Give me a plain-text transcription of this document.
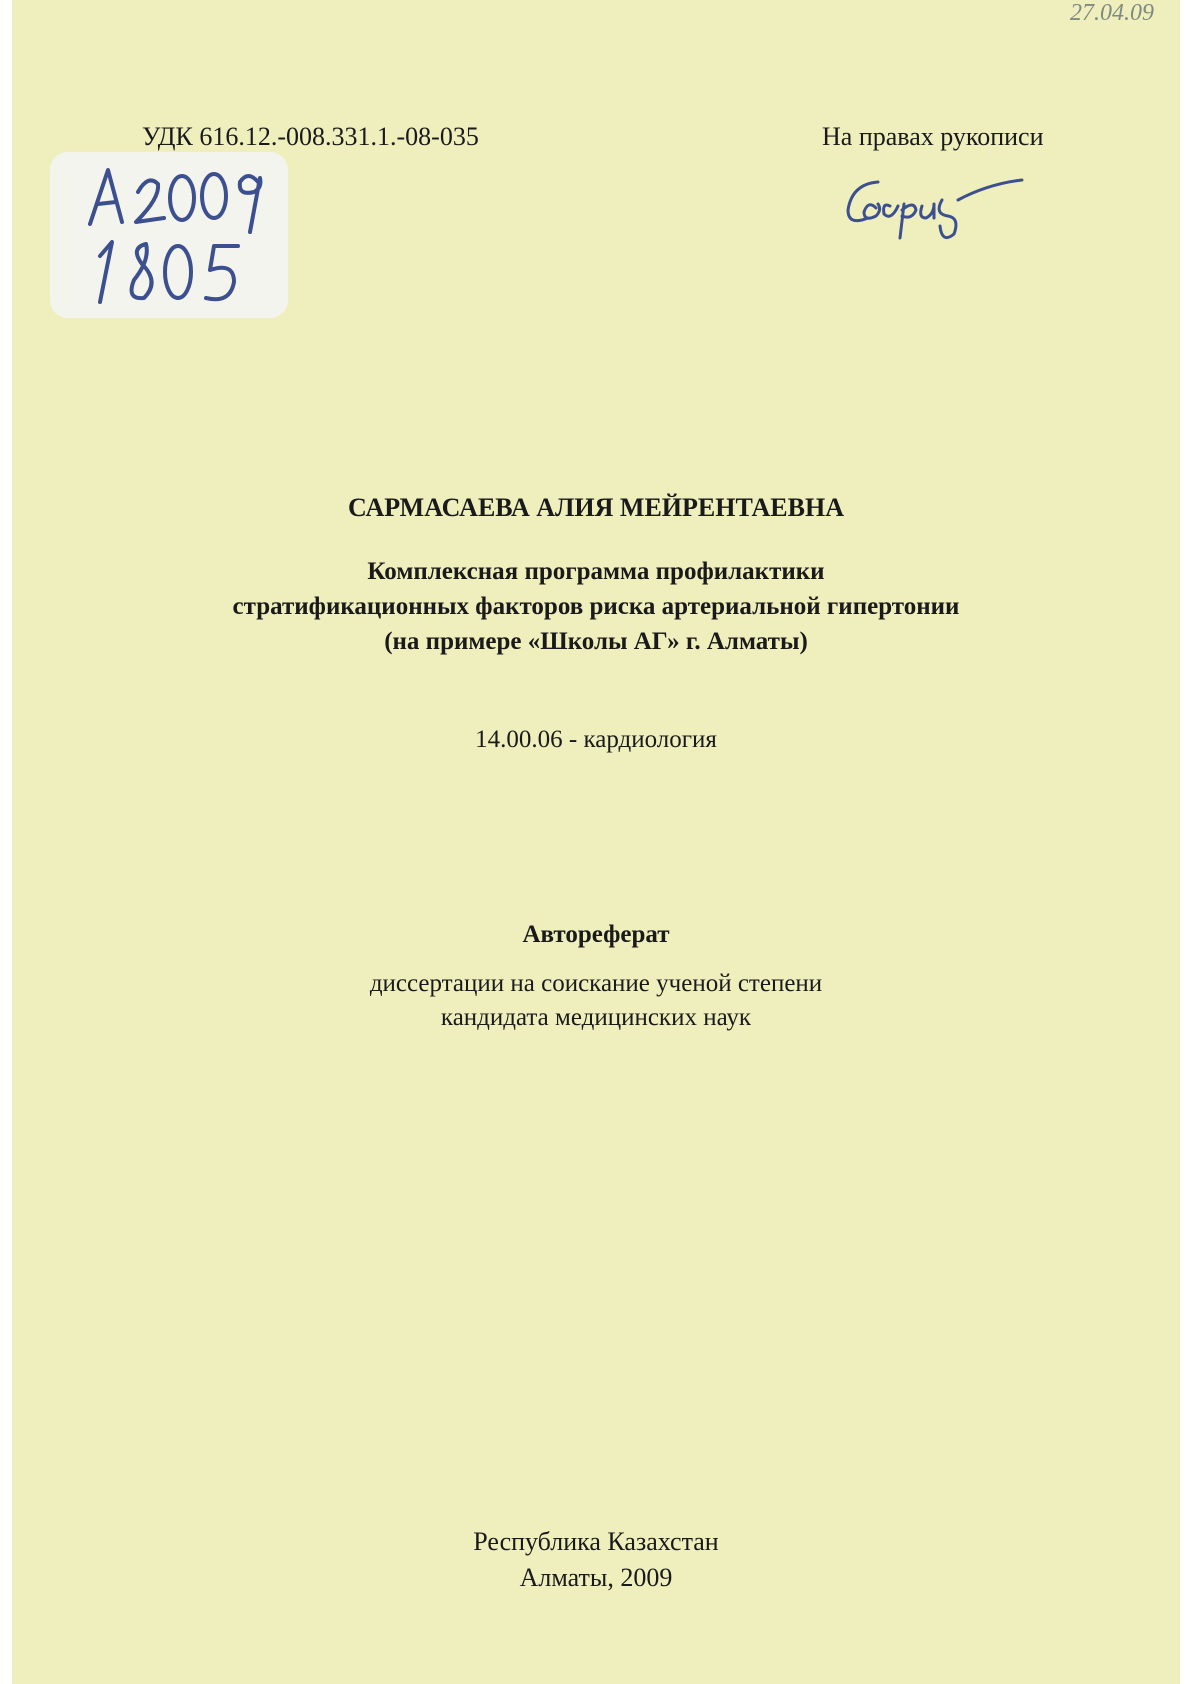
27.04.09
УДК 616.12.-008.331.1.-08-035	На правах рукописи
САРМАСАЕВА АЛИЯ МЕЙРЕНТАЕВНА
Комплексная программа профилактики
стратификационных факторов риска артериальной гипертонии
(на примере «Школы АГ» г. Алматы)
14.00.06 - кардиология
Автореферат
диссертации на соискание ученой степени
кандидата медицинских наук
Республика Казахстан
Алматы, 2009
